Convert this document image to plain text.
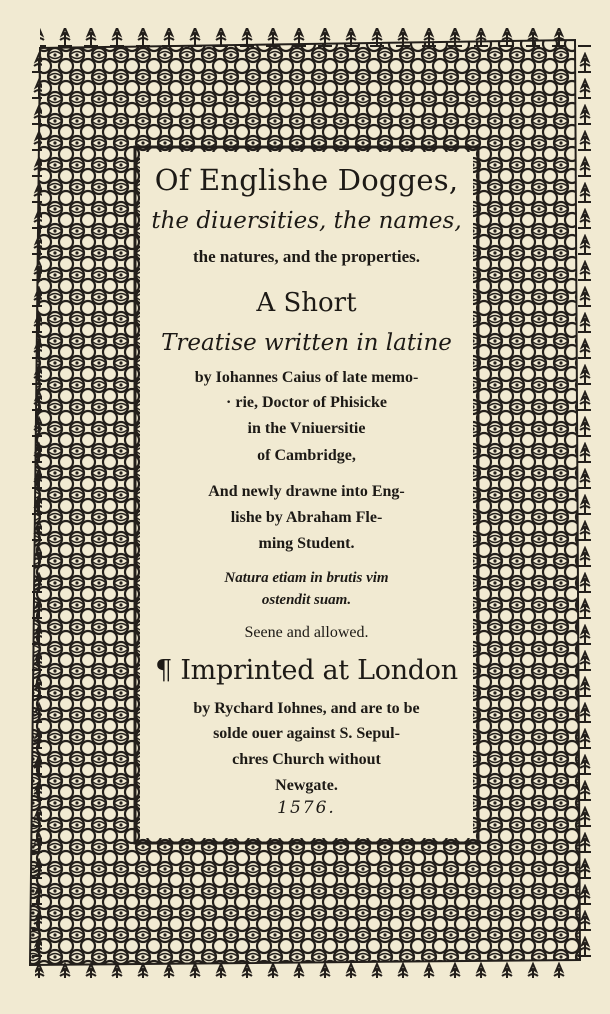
Of Englishe Dogges,
the diuersities, the names,
the natures, and the properties.
A Short
Treatise written in latine
by Iohannes Caius of late memo-
· rie, Doctor of Phisicke
in the Vniuersitie
of Cambridge,
And newly drawne into Eng-
lishe by Abraham Fle-
ming Student.
Natura etiam in brutis vim
ostendit suam.
Seene and allowed.
¶ Imprinted at London
by Rychard Iohnes, and are to be
solde ouer against S. Sepul-
chres Church without
Newgate.
1576.
